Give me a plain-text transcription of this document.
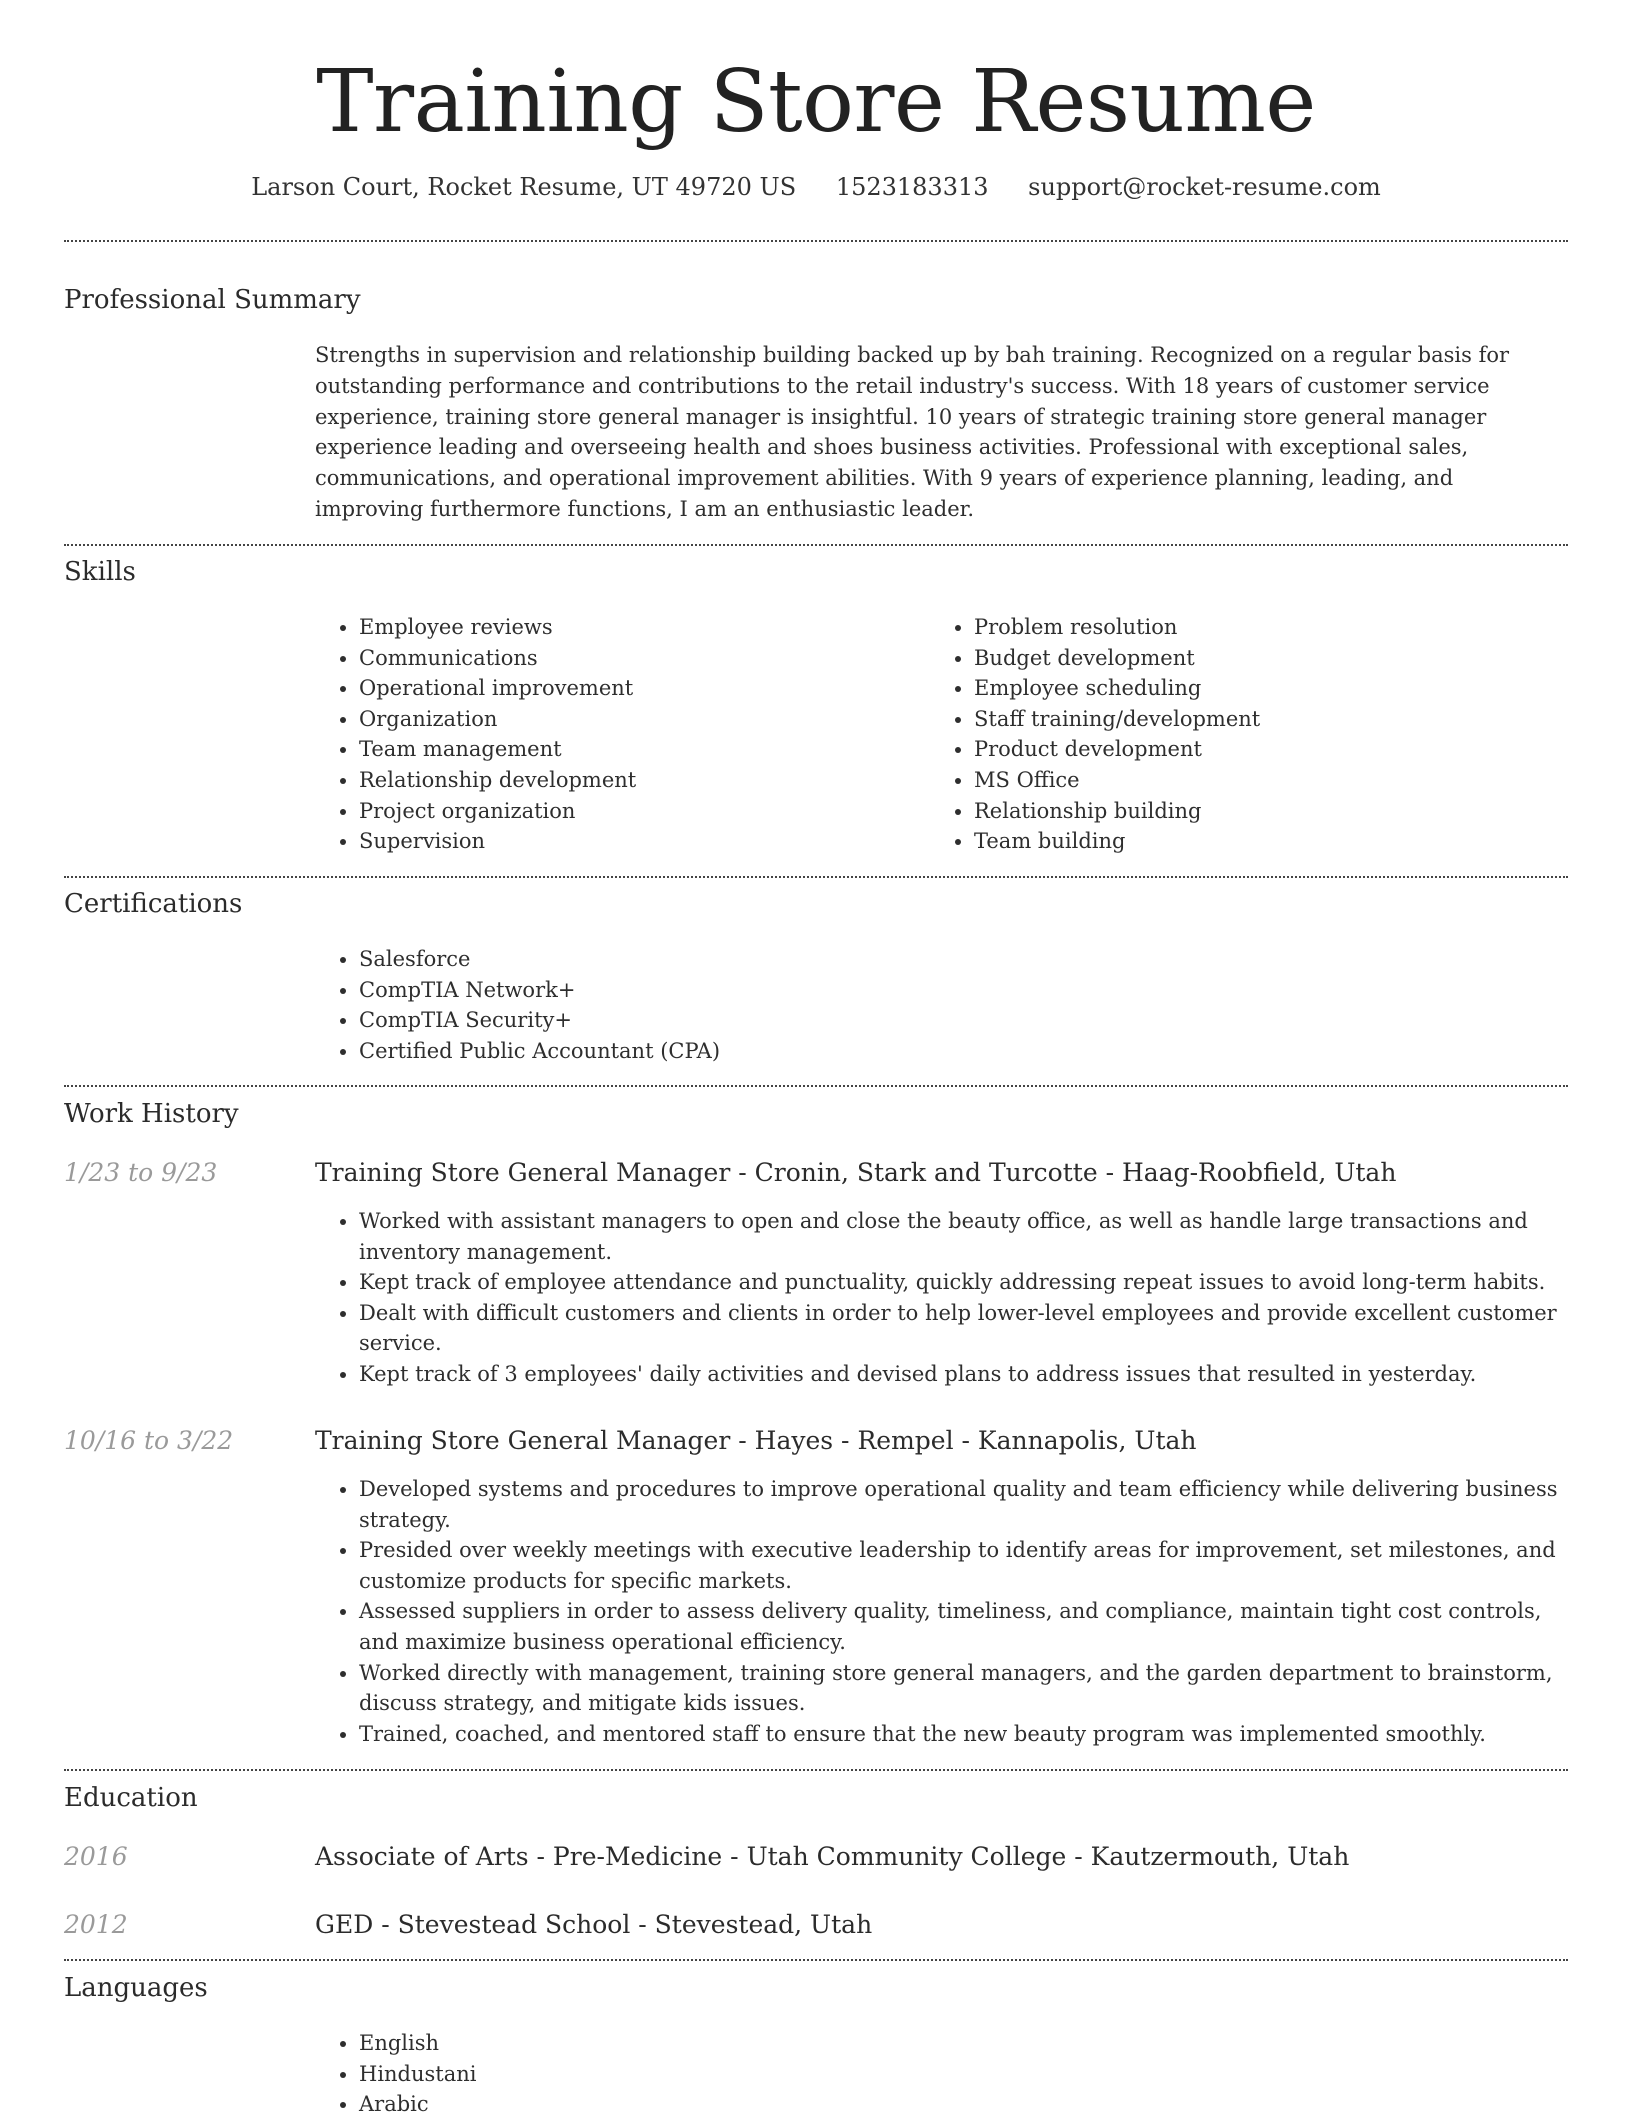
Training Store Resume
Larson Court, Rocket Resume, UT 49720 US 1523183313 support@rocket-resume.com
Professional Summary
Strengths in supervision and relationship building backed up by bah training. Recognized on a regular basis for outstanding performance and contributions to the retail industry's success. With 18 years of customer service experience, training store general manager is insightful. 10 years of strategic training store general manager experience leading and overseeing health and shoes business activities. Professional with exceptional sales, communications, and operational improvement abilities. With 9 years of experience planning, leading, and improving furthermore functions, I am an enthusiastic leader.
Skills
• Employee reviews
• Communications
• Operational improvement
• Organization
• Team management
• Relationship development
• Project organization
• Supervision
• Problem resolution
• Budget development
• Employee scheduling
• Staff training/development
• Product development
• MS Office
• Relationship building
• Team building
Certifications
• Salesforce
• CompTIA Network+
• CompTIA Security+
• Certified Public Accountant (CPA)
Work History
1/23 to 9/23	Training Store General Manager - Cronin, Stark and Turcotte - Haag-Roobfield, Utah
• Worked with assistant managers to open and close the beauty office, as well as handle large transactions and inventory management.
• Kept track of employee attendance and punctuality, quickly addressing repeat issues to avoid long-term habits.
• Dealt with difficult customers and clients in order to help lower-level employees and provide excellent customer service.
• Kept track of 3 employees' daily activities and devised plans to address issues that resulted in yesterday.
10/16 to 3/22	Training Store General Manager - Hayes - Rempel - Kannapolis, Utah
• Developed systems and procedures to improve operational quality and team efficiency while delivering business strategy.
• Presided over weekly meetings with executive leadership to identify areas for improvement, set milestones, and customize products for specific markets.
• Assessed suppliers in order to assess delivery quality, timeliness, and compliance, maintain tight cost controls, and maximize business operational efficiency.
• Worked directly with management, training store general managers, and the garden department to brainstorm, discuss strategy, and mitigate kids issues.
• Trained, coached, and mentored staff to ensure that the new beauty program was implemented smoothly.
Education
2016	Associate of Arts - Pre-Medicine - Utah Community College - Kautzermouth, Utah
2012	GED - Stevestead School - Stevestead, Utah
Languages
• English
• Hindustani
• Arabic
